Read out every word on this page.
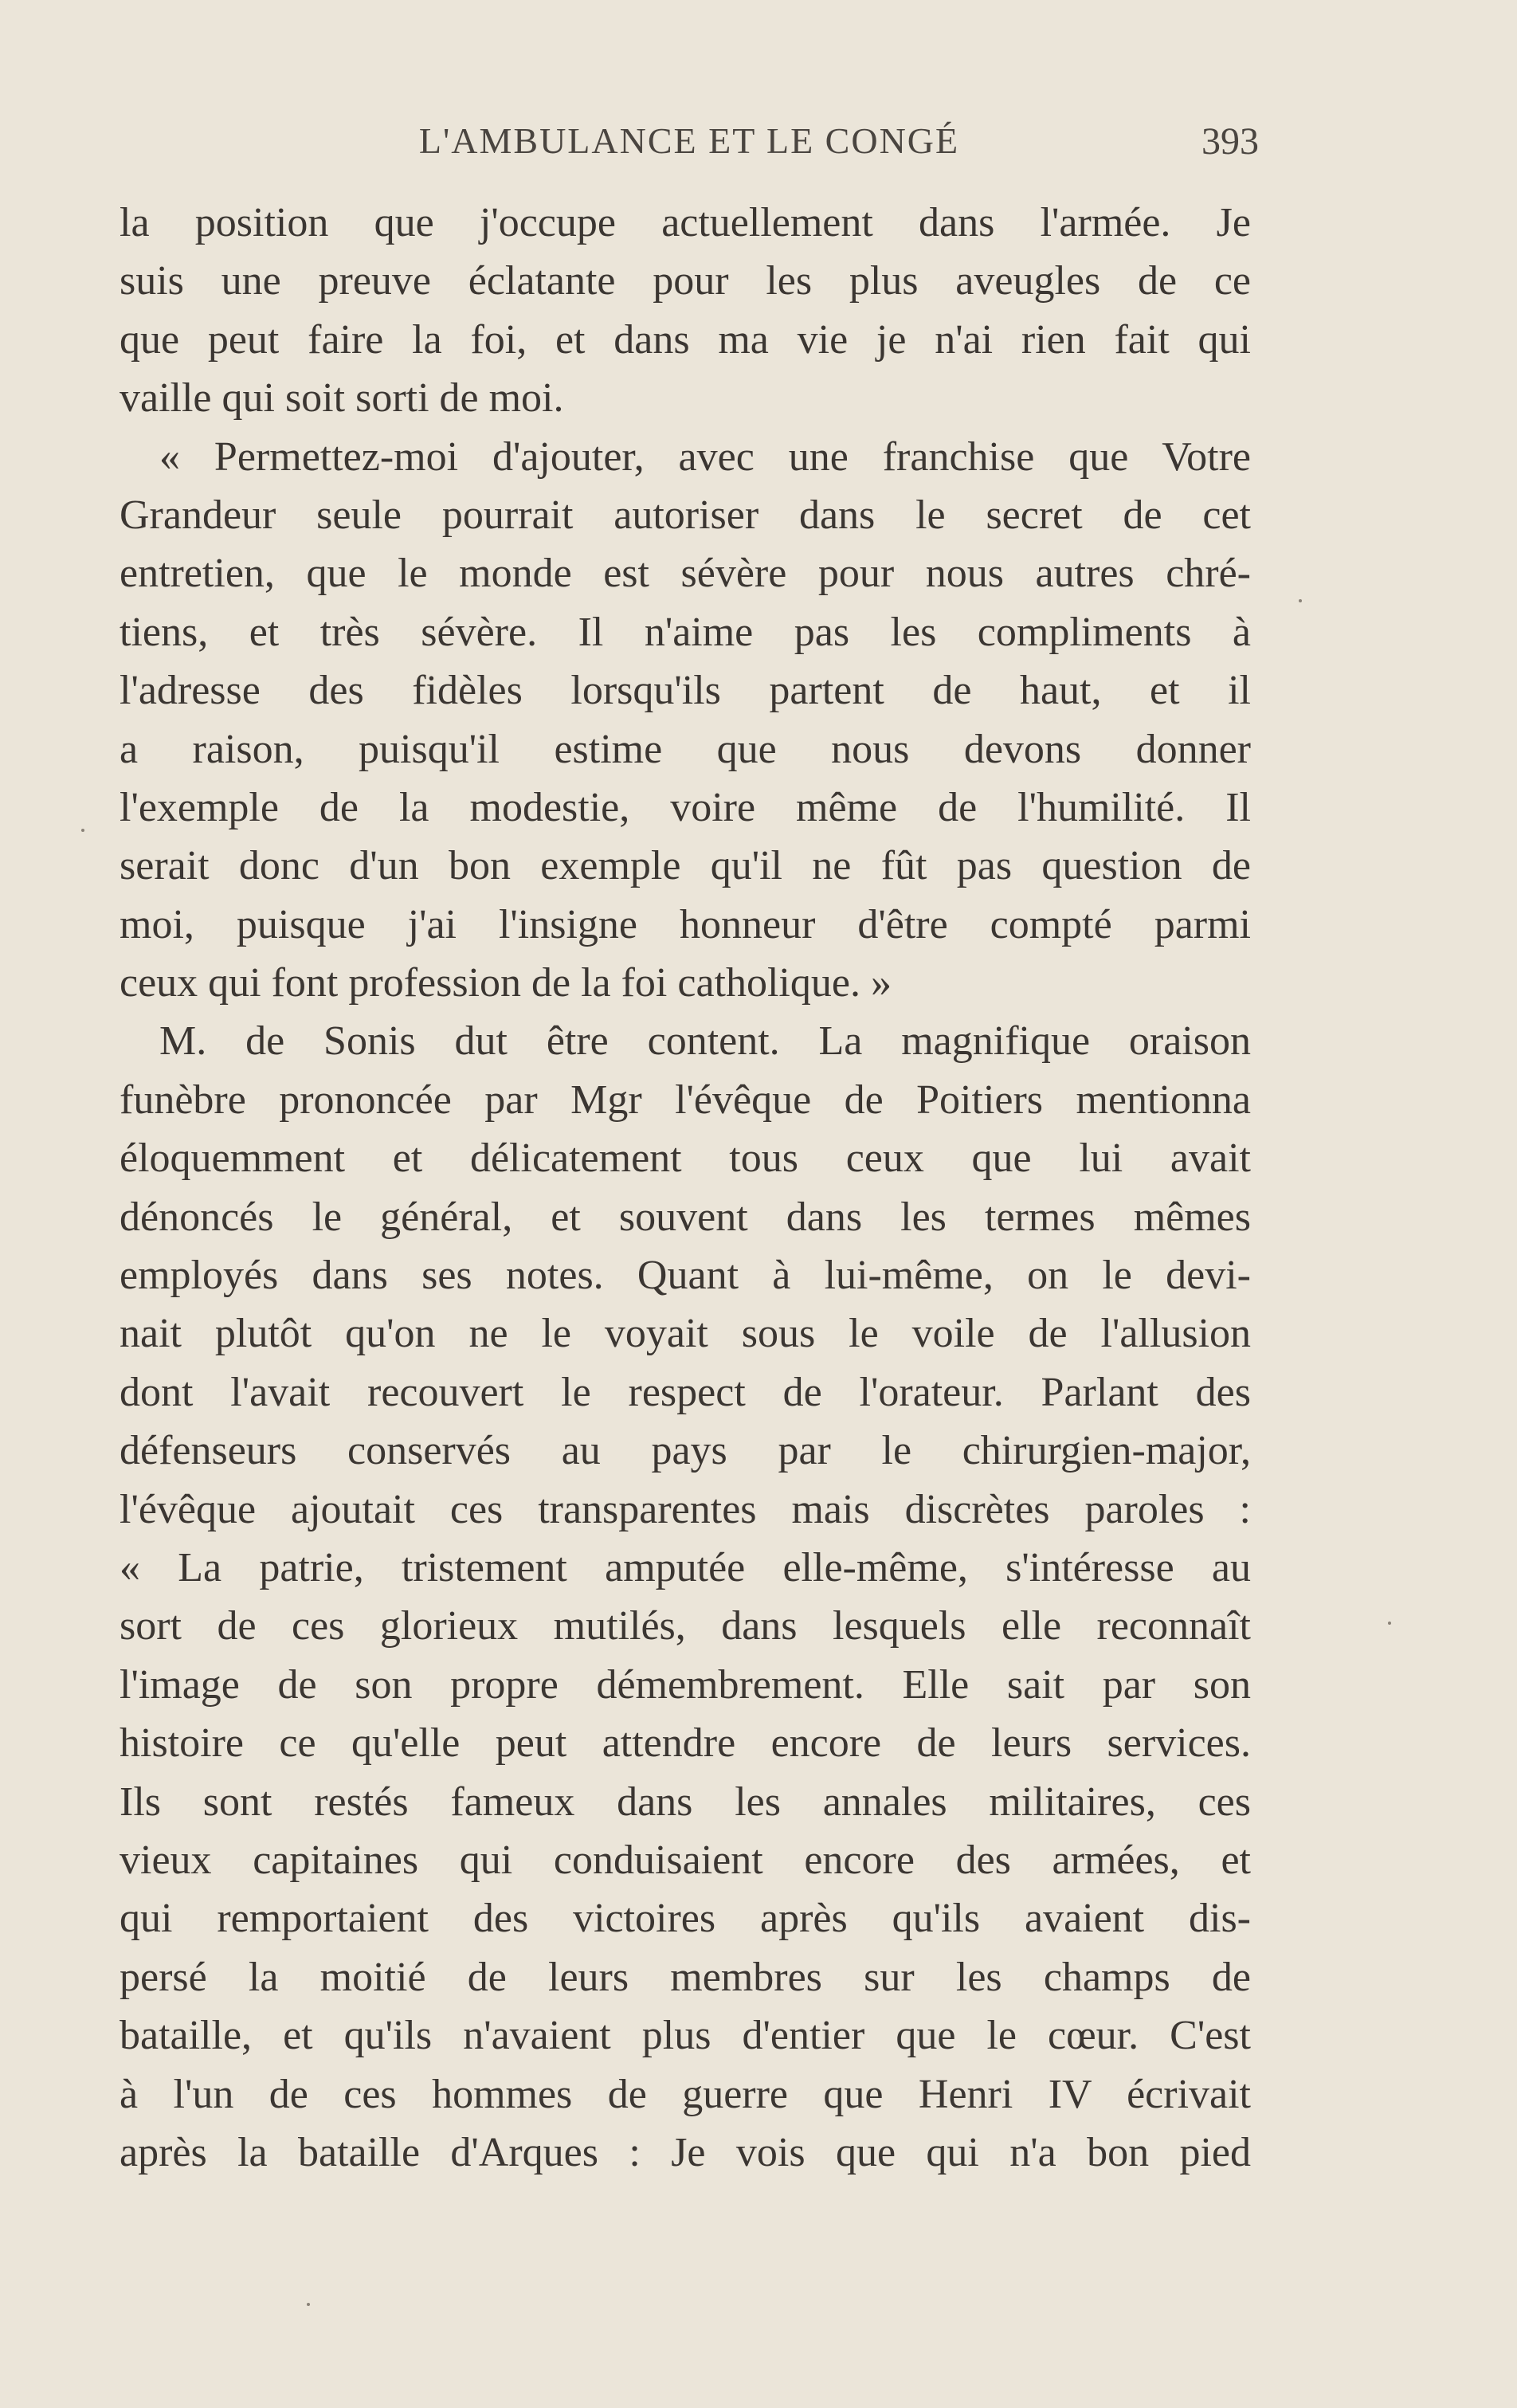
L'AMBULANCE ET LE CONGÉ	393
la position que j'occupe actuellement dans l'armée. Je
suis une preuve éclatante pour les plus aveugles de ce
que peut faire la foi, et dans ma vie je n'ai rien fait qui
vaille qui soit sorti de moi.
« Permettez-moi d'ajouter, avec une franchise que Votre
Grandeur seule pourrait autoriser dans le secret de cet
entretien, que le monde est sévère pour nous autres chré-
tiens, et très sévère. Il n'aime pas les compliments à
l'adresse des fidèles lorsqu'ils partent de haut, et il
a raison, puisqu'il estime que nous devons donner
l'exemple de la modestie, voire même de l'humilité. Il
serait donc d'un bon exemple qu'il ne fût pas question de
moi, puisque j'ai l'insigne honneur d'être compté parmi
ceux qui font profession de la foi catholique. »
M. de Sonis dut être content. La magnifique oraison
funèbre prononcée par Mgr l'évêque de Poitiers mentionna
éloquemment et délicatement tous ceux que lui avait
dénoncés le général, et souvent dans les termes mêmes
employés dans ses notes. Quant à lui-même, on le devi-
nait plutôt qu'on ne le voyait sous le voile de l'allusion
dont l'avait recouvert le respect de l'orateur. Parlant des
défenseurs conservés au pays par le chirurgien-major,
l'évêque ajoutait ces transparentes mais discrètes paroles :
« La patrie, tristement amputée elle-même, s'intéresse au
sort de ces glorieux mutilés, dans lesquels elle reconnaît
l'image de son propre démembrement. Elle sait par son
histoire ce qu'elle peut attendre encore de leurs services.
Ils sont restés fameux dans les annales militaires, ces
vieux capitaines qui conduisaient encore des armées, et
qui remportaient des victoires après qu'ils avaient dis-
persé la moitié de leurs membres sur les champs de
bataille, et qu'ils n'avaient plus d'entier que le cœur. C'est
à l'un de ces hommes de guerre que Henri IV écrivait
après la bataille d'Arques : Je vois que qui n'a bon pied
